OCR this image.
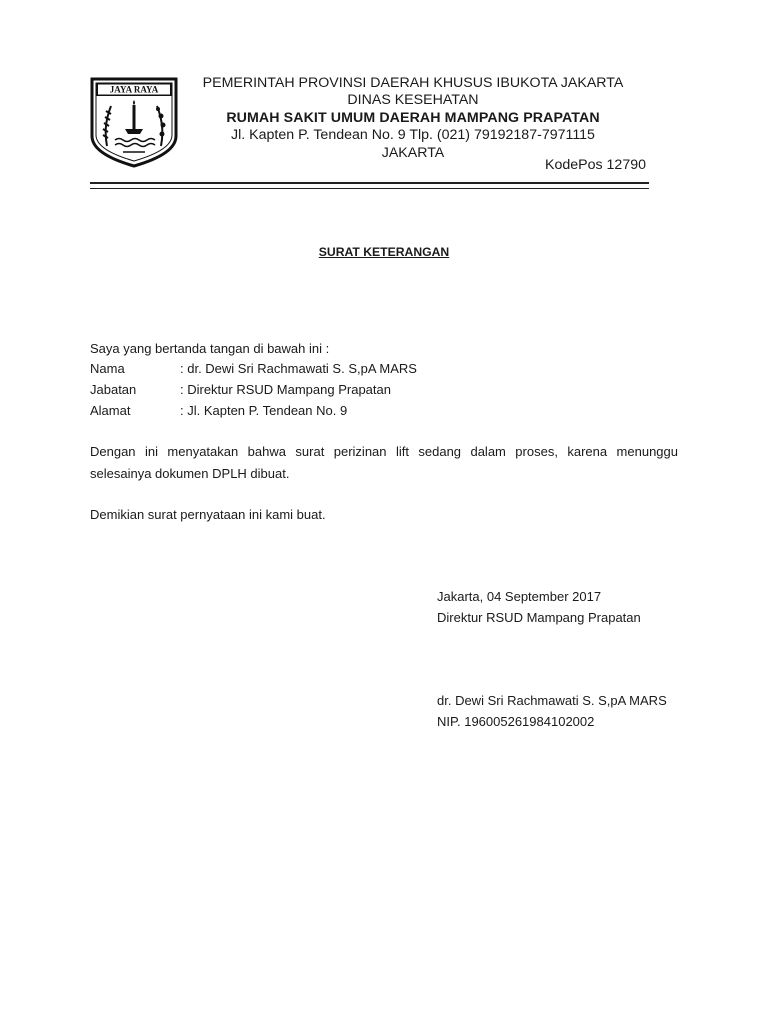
JAYA RAYA	PEMERINTAH PROVINSI DAERAH KHUSUS IBUKOTA JAKARTA
DINAS KESEHATAN
RUMAH SAKIT UMUM DAERAH MAMPANG PRAPATAN
Jl. Kapten P. Tendean No. 9 Tlp. (021) 79192187-7971115
JAKARTA
KodePos 12790
SURAT KETERANGAN
Saya yang bertanda tangan di bawah ini :
Nama	: dr. Dewi Sri Rachmawati S. S,pA MARS
Jabatan	: Direktur RSUD Mampang Prapatan
Alamat	: Jl. Kapten P. Tendean No. 9
Dengan ini menyatakan bahwa surat perizinan lift sedang dalam proses, karena menunggu selesainya dokumen DPLH dibuat.
Demikian surat pernyataan ini kami buat.
Jakarta, 04 September 2017
Direktur RSUD Mampang Prapatan
dr. Dewi Sri Rachmawati S. S,pA MARS
NIP. 196005261984102002
